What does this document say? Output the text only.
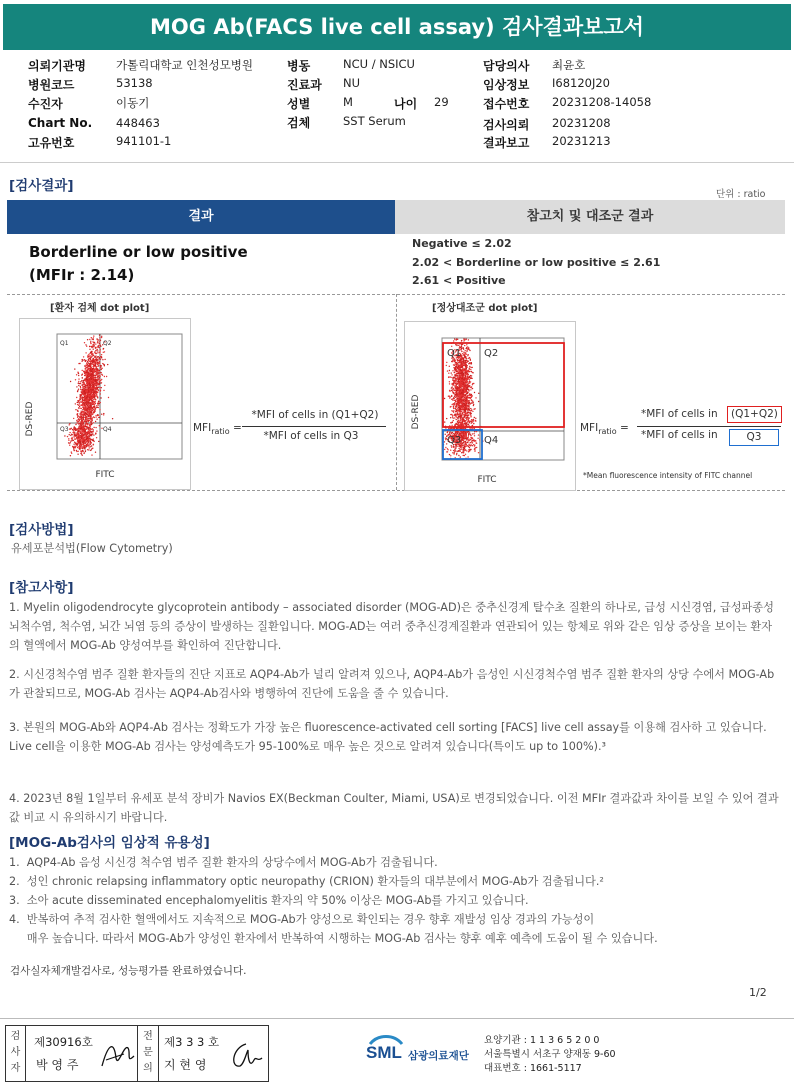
MOG Ab(FACS live cell assay) 검사결과보고서
의뢰기관명	가톨릭대학교 인천성모병원
병원코드	53138
수진자	이동기
Chart No. 448463
고유번호	941101-1
병동	NCU / NSICU
진료과 NU
성별	M	나이 29
검체	SST Serum
담당의사 최윤호
임상정보 I68120J20
접수번호 20231208-14058
검사의뢰 20231208
결과보고 20231213
[검사결과]
단위 : ratio
결과	참고치 및 대조군 결과
Borderline or low positive
(MFIr : 2.14)
Negative ≤ 2.02
2.02 < Borderline or low positive ≤ 2.61
2.61 < Positive
[환자 검체 dot plot]	[정상대조군 dot plot]
Q1	Q2
Q3	Q4
DS-RED
FITC
$MFI_{ratio}$ =
*MFI of cells in (Q1+Q2)
*MFI of cells in Q3
Q1 Q2
Q3 Q4
DS-RED
FITC
$MFI_{ratio}$ =
*MFI of cells in	(Q1+Q2)
*MFI of cells in	Q3
*Mean fluorescence intensity of FITC channel
[검사방법]
유세포분석법(Flow Cytometry)
[참고사항]
1. Myelin oligodendrocyte glycoprotein antibody – associated disorder (MOG-AD)은 중추신경계 탈수초 질환의 하나로, 급성 시신경염, 급성파종성 뇌척수염, 척수염, 뇌간 뇌염 등의 증상이 발생하는 질환입니다. MOG-AD는 여러 중추신경계질환과 연관되어 있는 항체로 위와 같은 임상 증상을 보이는 환자의 혈액에서 MOG-Ab 양성여부를 확인하여 진단합니다.
2. 시신경척수염 범주 질환 환자들의 진단 지표로 AQP4-Ab가 널리 알려져 있으나, AQP4-Ab가 음성인 시신경척수염 범주 질환 환자의 상당 수에서 MOG-Ab가 관찰되므로, MOG-Ab 검사는 AQP4-Ab검사와 병행하여 진단에 도움을 줄 수 있습니다.
3. 본원의 MOG-Ab와 AQP4-Ab 검사는 정확도가 가장 높은 fluorescence-activated cell sorting [FACS] live cell assay를 이용해 검사하 고 있습니다. Live cell을 이용한 MOG-Ab 검사는 양성예측도가 95-100%로 매우 높은 것으로 알려져 있습니다(특이도 up to 100%).³
4. 2023년 8월 1일부터 유세포 분석 장비가 Navios EX(Beckman Coulter, Miami, USA)로 변경되었습니다. 이전 MFIr 결과값과 차이를 보일 수 있어 결과값 비교 시 유의하시기 바랍니다.
[MOG-Ab검사의 임상적 유용성]
1.  AQP4-Ab 음성 시신경 척수염 범주 질환 환자의 상당수에서 MOG-Ab가 검출됩니다.
2.  성인 chronic relapsing inflammatory optic neuropathy (CRION) 환자들의 대부분에서 MOG-Ab가 검출됩니다.²
3.  소아 acute disseminated encephalomyelitis 환자의 약 50% 이상은 MOG-Ab를 가지고 있습니다.
4.  반복하여 추적 검사한 혈액에서도 지속적으로 MOG-Ab가 양성으로 확인되는 경우 향후 재발성 임상 경과의 가능성이
매우 높습니다. 따라서 MOG-Ab가 양성인 환자에서 반복하여 시행하는 MOG-Ab 검사는 향후 예후 예측에 도움이 될 수 있습니다.
검사실자체개발검사로, 성능평가를 완료하였습니다.
1/2
검
사
자
제30916호
박 영 주
전
문
의
제3 3 3 호
지 현 영
SML 삼광의료재단
요양기관 : 1 1 3 6 5 2 0 0
서울특별시 서초구 양재동 9-60
대표번호 : 1661-5117
